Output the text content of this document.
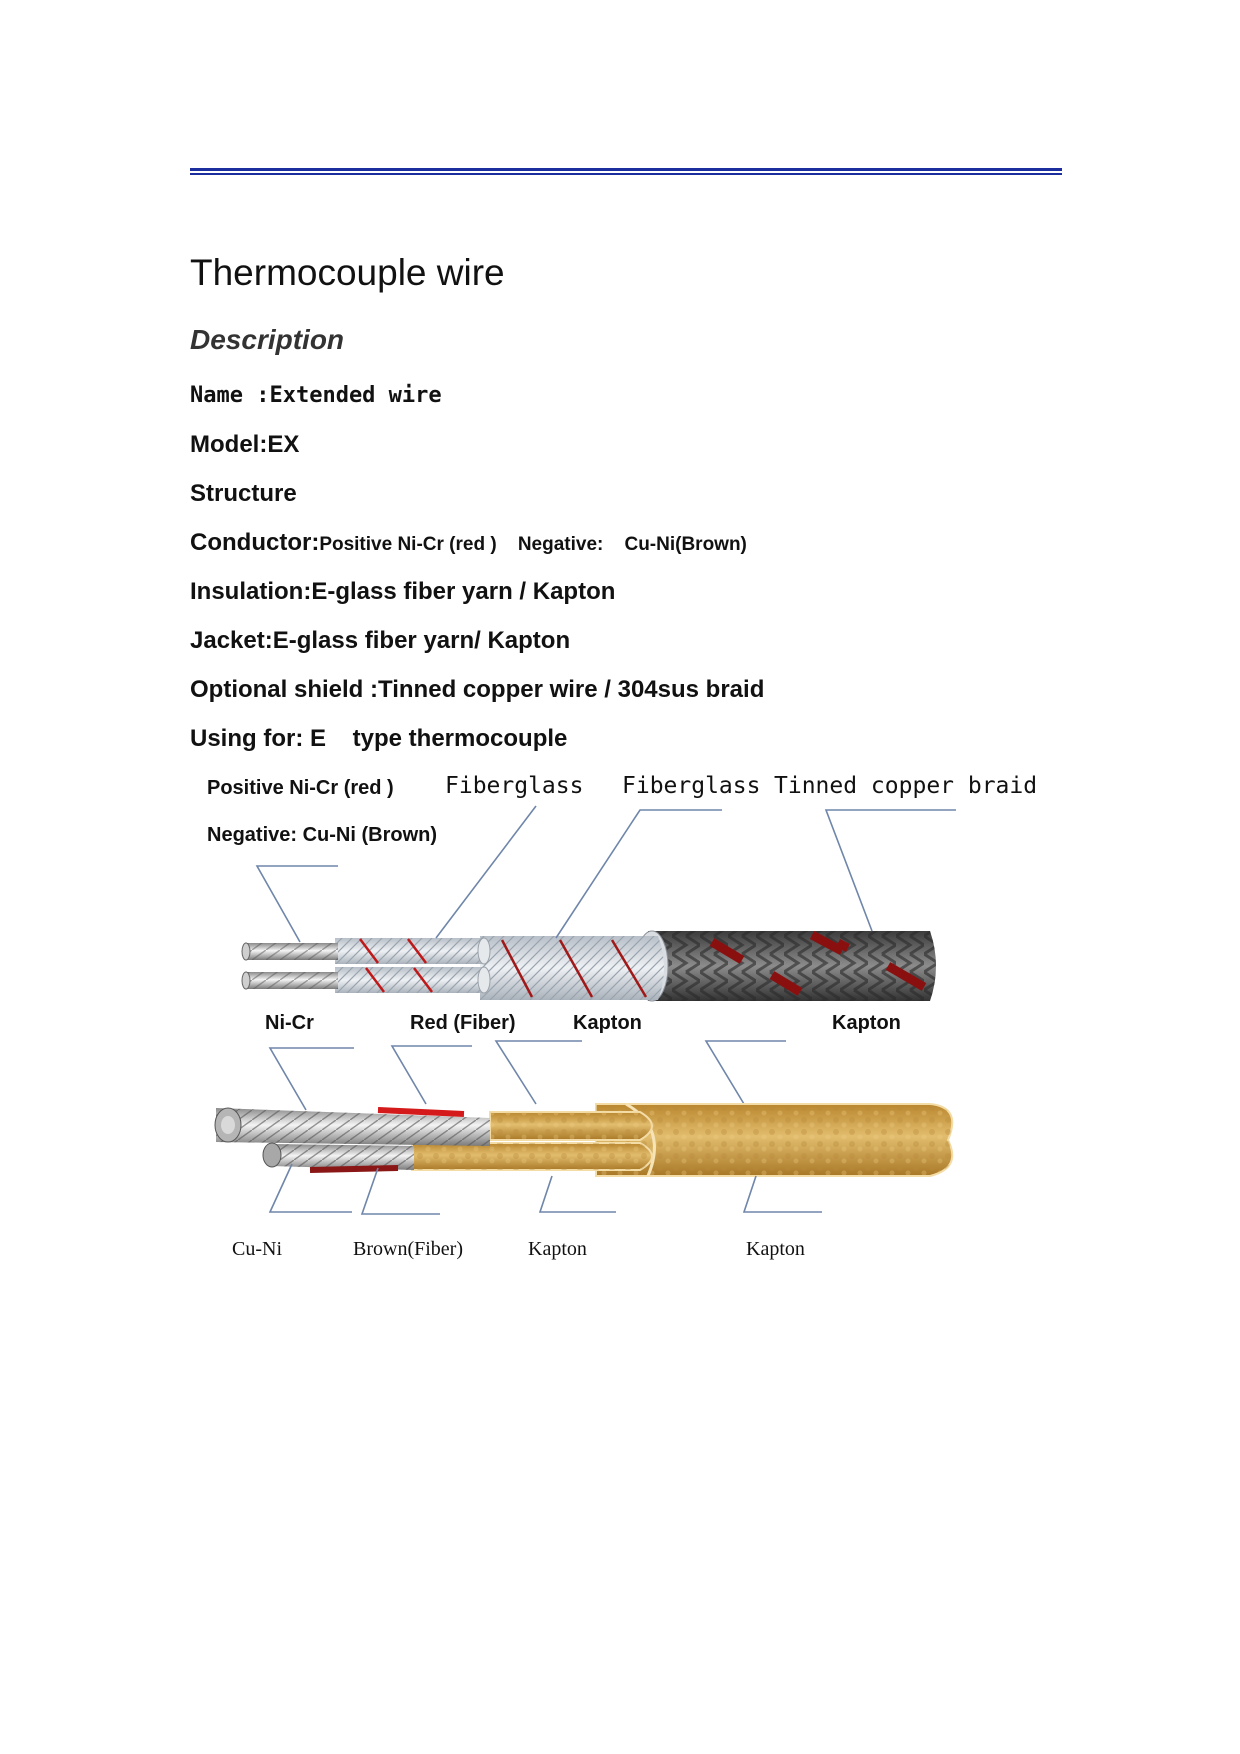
Thermocouple wire
Description
Name :Extended wire
Model:EX
Structure
Conductor:Positive Ni-Cr (red ) Negative: Cu-Ni(Brown)
Insulation:E-glass fiber yarn / Kapton
Jacket:E-glass fiber yarn/ Kapton
Optional shield :Tinned copper wire / 304sus braid
Using for: E    type thermocouple
Positive Ni-Cr (red )
Negative: Cu-Ni (Brown)
Fiberglass Fiberglass Tinned copper braid
Ni-Cr	Red (Fiber)	Kapton	Kapton
Cu-Ni	Brown(Fiber)	Kapton	Kapton
